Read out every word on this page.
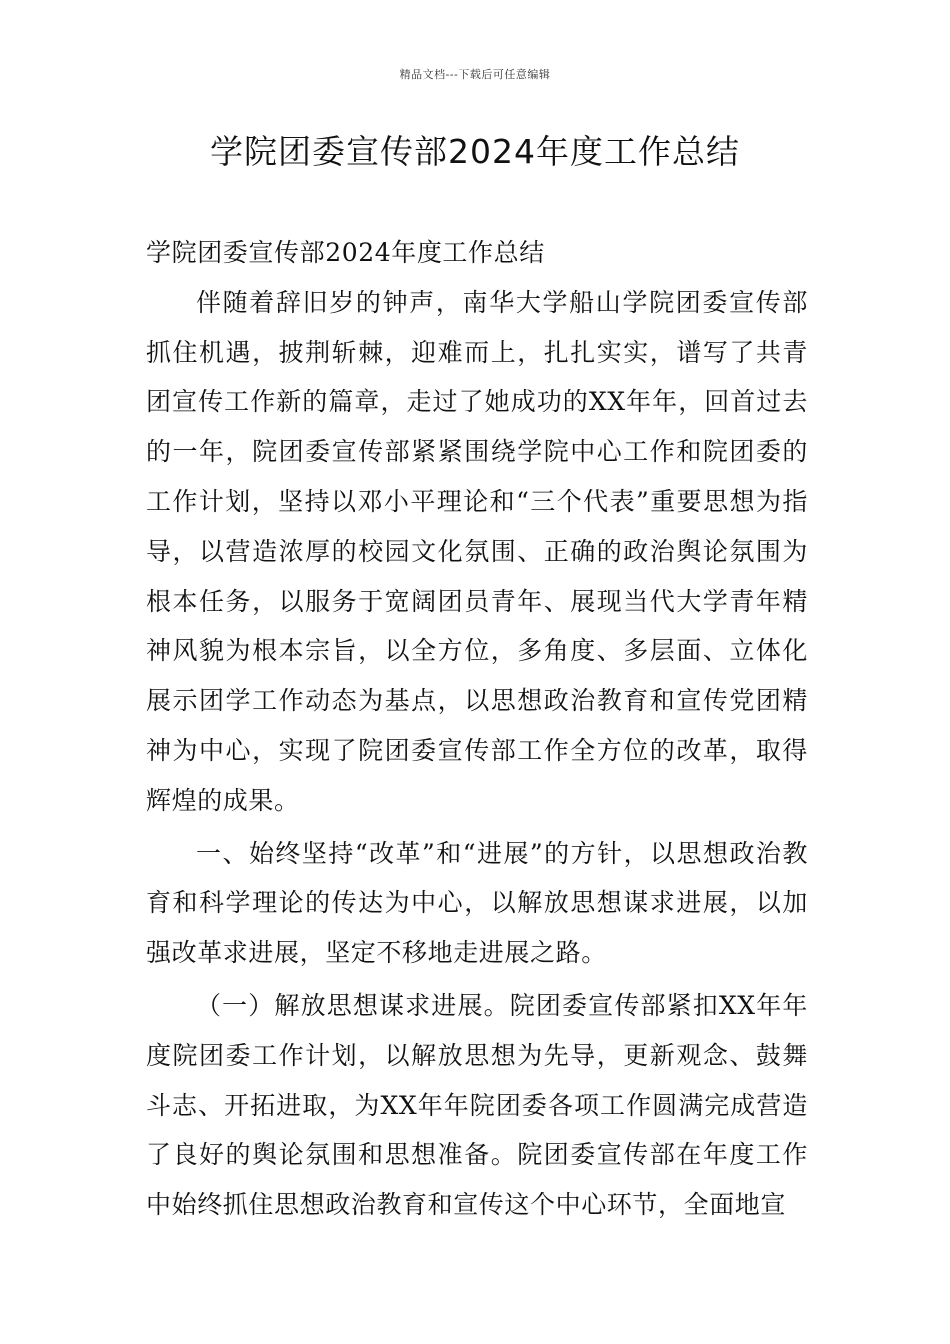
精品文档---下载后可任意编辑
学院团委宣传部2024年度工作总结

学院团委宣传部2024年度工作总结

伴随着辞旧岁的钟声，南华大学船山学院团委宣传部抓住机遇，披荆斩棘，迎难而上，扎扎实实，谱写了共青团宣传工作新的篇章，走过了她成功的XX年年，回首过去的一年，院团委宣传部紧紧围绕学院中心工作和院团委的工作计划，坚持以邓小平理论和“三个代表”重要思想为指导，以营造浓厚的校园文化氛围、正确的政治舆论氛围为根本任务，以服务于宽阔团员青年、展现当代大学青年精神风貌为根本宗旨，以全方位，多角度、多层面、立体化展示团学工作动态为基点，以思想政治教育和宣传党团精神为中心，实现了院团委宣传部工作全方位的改革，取得辉煌的成果。

一、始终坚持“改革”和“进展”的方针，以思想政治教育和科学理论的传达为中心，以解放思想谋求进展，以加强改革求进展，坚定不移地走进展之路。

（一）解放思想谋求进展。院团委宣传部紧扣XX年年度院团委工作计划，以解放思想为先导，更新观念、鼓舞斗志、开拓进取，为XX年年院团委各项工作圆满完成营造了良好的舆论氛围和思想准备。院团委宣传部在年度工作中始终抓住思想政治教育和宣传这个中心环节，全面地宣
